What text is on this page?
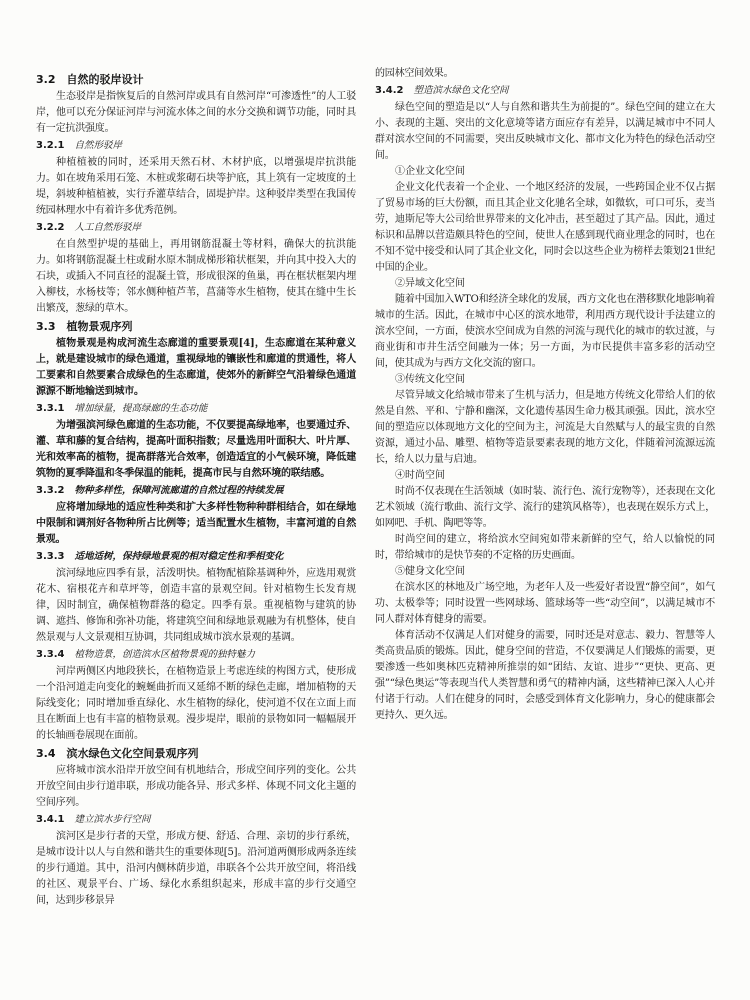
3.2  自然的驳岸设计

生态驳岸是指恢复后的自然河岸或具有自然河岸“可渗透性”的人工驳岸，他可以充分保证河岸与河流水体之间的水分交换和调节功能，同时具有一定抗洪强度。

3.2.1  自然形驳岸

种植植被的同时，还采用天然石材、木材护底，以增强堤岸抗洪能力。如在坡角采用石笼、木桩或浆砌石块等护底，其上筑有一定坡度的土堤，斜坡种植植被，实行乔灌草结合，固堤护岸。这种驳岸类型在我国传统园林理水中有着许多优秀范例。

3.2.2  人工自然形驳岸

在自然型护堤的基础上，再用钢筋混凝土等材料，确保大的抗洪能力。如将钢筋混凝土柱或耐水原木制成梯形箱状框架，并向其中投入大的石块，或插入不同直径的混凝土管，形成很深的鱼巢，再在框状框架内埋入柳枝，水杨枝等；邻水侧种植芦苇，菖蒲等水生植物，使其在缝中生长出繁茂，葱绿的草木。

3.3  植物景观序列

植物景观是构成河流生态廊道的重要景观[4]，生态廊道在某种意义上，就是建设城市的绿色通道，重视绿地的镶嵌性和廊道的贯通性，将人工要素和自然要素合成绿色的生态廊道，使郊外的新鲜空气沿着绿色通道源源不断地输送到城市。

3.3.1  增加绿量，提高绿廊的生态功能

为增强滨河绿色廊道的生态功能，不仅要提高绿地率，也要通过乔、灌、草和藤的复合结构，提高叶面积指数；尽量选用叶面积大、叶片厚、光和效率高的植物，提高群落光合效率，创造适宜的小气候环境，降低建筑物的夏季降温和冬季保温的能耗，提高市民与自然环境的联结感。

3.3.2  物种多样性，保障河流廊道的自然过程的持续发展

应将增加绿地的适应性种类和扩大多样性物种种群相结合，如在绿地中限制和调剂好各物种所占比例等；适当配置水生植物，丰富河道的自然景观。

3.3.3  适地适树，保持绿地景观的相对稳定性和季相变化

滨河绿地应四季有景，活泼明快。植物配植除基调种外，应选用观赏花木、宿根花卉和草坪等，创造丰富的景观空间。针对植物生长发育规律，因时制宜，确保植物群落的稳定。四季有景。重视植物与建筑的协调、遮挡、修饰和弥补功能，将建筑空间和绿地景观融为有机整体，使自然景观与人文景观相互协调，共同组成城市滨水景观的基调。

3.3.4  植物造景，创造滨水区植物景观的独特魅力

河岸两侧区内地段狭长，在植物造景上考虑连续的构图方式，使形成一个沿河道走向变化的蜿蜒曲折而又延绵不断的绿色走廊，增加植物的天际线变化；同时增加垂直绿化、水生植物的绿化，使河道不仅在立面上而且在断面上也有丰富的植物景观。漫步堤岸，眼前的景物如同一幅幅展开的长轴画卷展现在面前。

3.4  滨水绿色文化空间景观序列

应将城市滨水沿岸开放空间有机地结合，形成空间序列的变化。公共开放空间由步行道串联，形成功能各异、形式多样、体现不同文化主题的空间序列。

3.4.1  建立滨水步行空间

滨河区是步行者的天堂，形成方便、舒适、合理、亲切的步行系统，是城市设计以人与自然和谐共生的重要体现[5]。沿河道两侧形成两条连续的步行通道。其中，沿河内侧林荫步道，串联各个公共开放空间，将沿线的社区、观景平台、广场、绿化水系组织起来，形成丰富的步行交通空间，达到步移景异

的园林空间效果。

3.4.2  塑造滨水绿色文化空间

绿色空间的塑造是以“人与自然和谐共生为前提的”。绿色空间的建立在大小、表现的主题、突出的文化意境等诸方面应存有差异，以满足城市中不同人群对滨水空间的不同需要，突出反映城市文化、都市文化为特色的绿色活动空间。

①企业文化空间

企业文化代表着一个企业、一个地区经济的发展，一些跨国企业不仅占据了贸易市场的巨大份额，而且其企业文化驰名全球，如微软，可口可乐，麦当劳，迪斯尼等大公司给世界带来的文化冲击，甚至超过了其产品。因此，通过标识和品牌以营造颇具特色的空间，使世人在感到现代商业理念的同时，也在不知不觉中接受和认同了其企业文化，同时会以这些企业为榜样去策划21世纪中国的企业。

②异域文化空间

随着中国加入WTO和经济全球化的发展，西方文化也在潜移默化地影响着城市的生活。因此，在城市中心区的滨水地带，利用西方现代设计手法建立的滨水空间，一方面，使滨水空间成为自然的河流与现代化的城市的软过渡，与商业街和市井生活空间融为一体；另一方面，为市民提供丰富多彩的活动空间，使其成为与西方文化交流的窗口。

③传统文化空间

尽管异域文化给城市带来了生机与活力，但是地方传统文化带给人们的依然是自然、平和、宁静和幽深，文化遗传基因生命力极其顽强。因此，滨水空间的塑造应以体现地方文化的空间为主，河流是大自然赋与人的最宝贵的自然资源，通过小品、雕塑、植物等造景要素表现的地方文化，伴随着河流源远流长，给人以力量与启迪。

④时尚空间

时尚不仅表现在生活领域（如时装、流行色、流行宠物等），还表现在文化艺术领域（流行歌曲、流行文学、流行的建筑风格等），也表现在娱乐方式上，如网吧、手机、陶吧等等。

时尚空间的建立，将给滨水空间宛如带来新鲜的空气，给人以愉悦的同时，带给城市的是快节奏的不定格的历史画面。

⑤健身文化空间

在滨水区的林地及广场空地，为老年人及一些爱好者设置“静空间”，如气功、太极拳等；同时设置一些网球场、篮球场等一些“动空间”，以满足城市不同人群对体育健身的需要。

体育活动不仅满足人们对健身的需要，同时还是对意志、毅力、智慧等人类高贵品质的锻炼。因此，健身空间的营造，不仅要满足人们锻炼的需要，更要渗透一些如奥林匹克精神所推崇的如“团结、友谊、进步”“更快、更高、更强”“绿色奥运”等表现当代人类智慧和勇气的精神内涵，这些精神已深入人心并付诸于行动。人们在健身的同时，会感受到体育文化影响力，身心的健康都会更持久、更久远。
